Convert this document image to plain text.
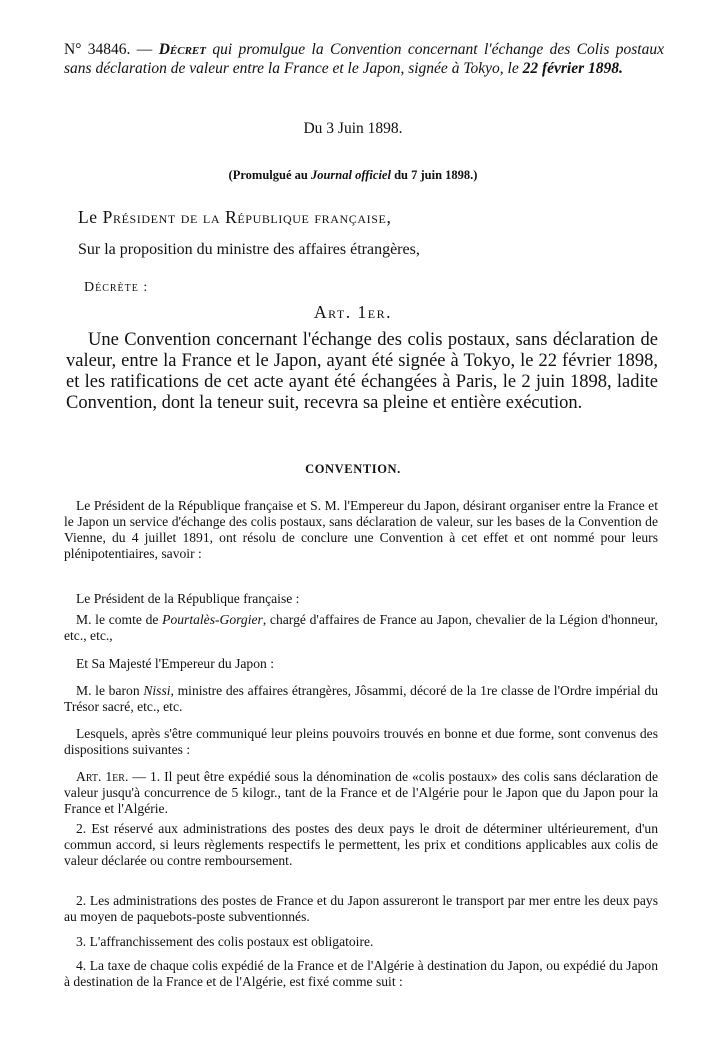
N° 34846. — Décret qui promulgue la Convention concernant l'échange des Colis postaux sans déclaration de valeur entre la France et le Japon, signée à Tokyo, le 22 février 1898.
Du 3 Juin 1898.
(Promulgué au Journal officiel du 7 juin 1898.)
Le Président de la République française,
Sur la proposition du ministre des affaires étrangères,
Décrète :
Art. 1er.
Une Convention concernant l'échange des colis postaux, sans déclaration de valeur, entre la France et le Japon, ayant été signée à Tokyo, le 22 février 1898, et les ratifications de cet acte ayant été échangées à Paris, le 2 juin 1898, ladite Convention, dont la teneur suit, recevra sa pleine et entière exécution.
CONVENTION.
Le Président de la République française et S. M. l'Empereur du Japon, désirant organiser entre la France et le Japon un service d'échange des colis postaux, sans déclaration de valeur, sur les bases de la Convention de Vienne, du 4 juillet 1891, ont résolu de conclure une Convention à cet effet et ont nommé pour leurs plénipotentiaires, savoir :
Le Président de la République française :
M. le comte de Pourtalès-Gorgier, chargé d'affaires de France au Japon, chevalier de la Légion d'honneur, etc., etc.,
Et Sa Majesté l'Empereur du Japon :
M. le baron Nissi, ministre des affaires étrangères, Jôsammi, décoré de la 1re classe de l'Ordre impérial du Trésor sacré, etc., etc.
Lesquels, après s'être communiqué leur pleins pouvoirs trouvés en bonne et due forme, sont convenus des dispositions suivantes :
Art. 1er. — 1. Il peut être expédié sous la dénomination de «colis postaux» des colis sans déclaration de valeur jusqu'à concurrence de 5 kilogr., tant de la France et de l'Algérie pour le Japon que du Japon pour la France et l'Algérie.
2. Est réservé aux administrations des postes des deux pays le droit de déterminer ultérieurement, d'un commun accord, si leurs règlements respectifs le permettent, les prix et conditions applicables aux colis de valeur déclarée ou contre remboursement.
2. Les administrations des postes de France et du Japon assureront le transport par mer entre les deux pays au moyen de paquebots-poste subventionnés.
3. L'affranchissement des colis postaux est obligatoire.
4. La taxe de chaque colis expédié de la France et de l'Algérie à destination du Japon, ou expédié du Japon à destination de la France et de l'Algérie, est fixé comme suit :
